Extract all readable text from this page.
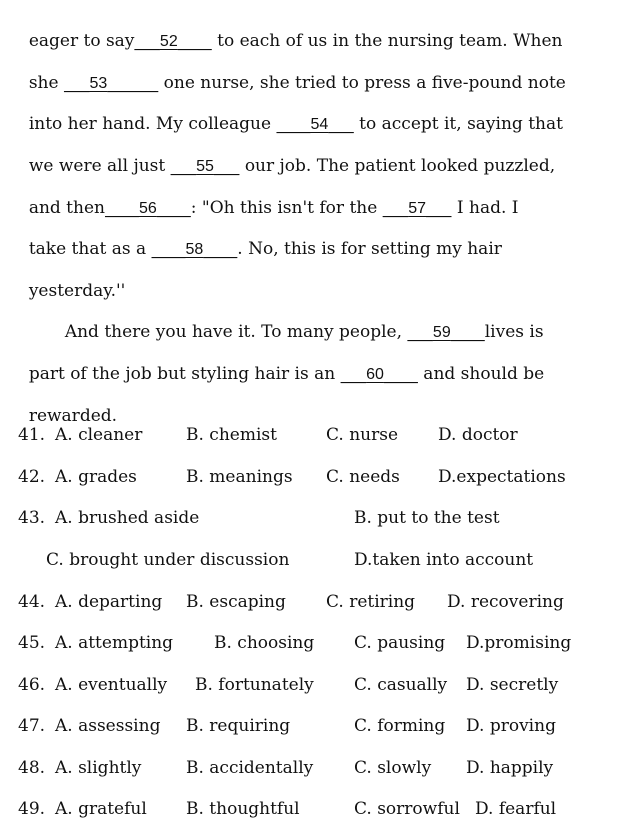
eager to say___52____ to each of us in the nursing team. When

she ___53______ one nurse, she tried to press a five-pound note

into her hand. My colleague ____54___ to accept it, saying that

we were all just ___55___ our job. The patient looked puzzled,

and then____56____: "Oh this isn't for the ___57___ I had. I

take that as a ____58____. No, this is for setting my hair

yesterday.''

And there you have it. To many people, ___59____lives is

part of the job but styling hair is an ___60____ and should be

rewarded.

41. A. cleaner	B. chemist	C. nurse D. doctor
42. A. grades	B. meanings C. needs D.expectations
43. A. brushed aside	B. put to the test
C. brought under discussion	D.taken into account
44. A. departing B. escaping C. retiring D. recovering
45. A. attempting B. choosing C. pausing D.promising
46. A. eventually B. fortunately C. casually D. secretly
47. A. assessing B. requiring	C. forming D. proving
48. A. slightly	B. accidentally C. slowly D. happily
49. A. grateful B. thoughtful	C. sorrowful D. fearful
